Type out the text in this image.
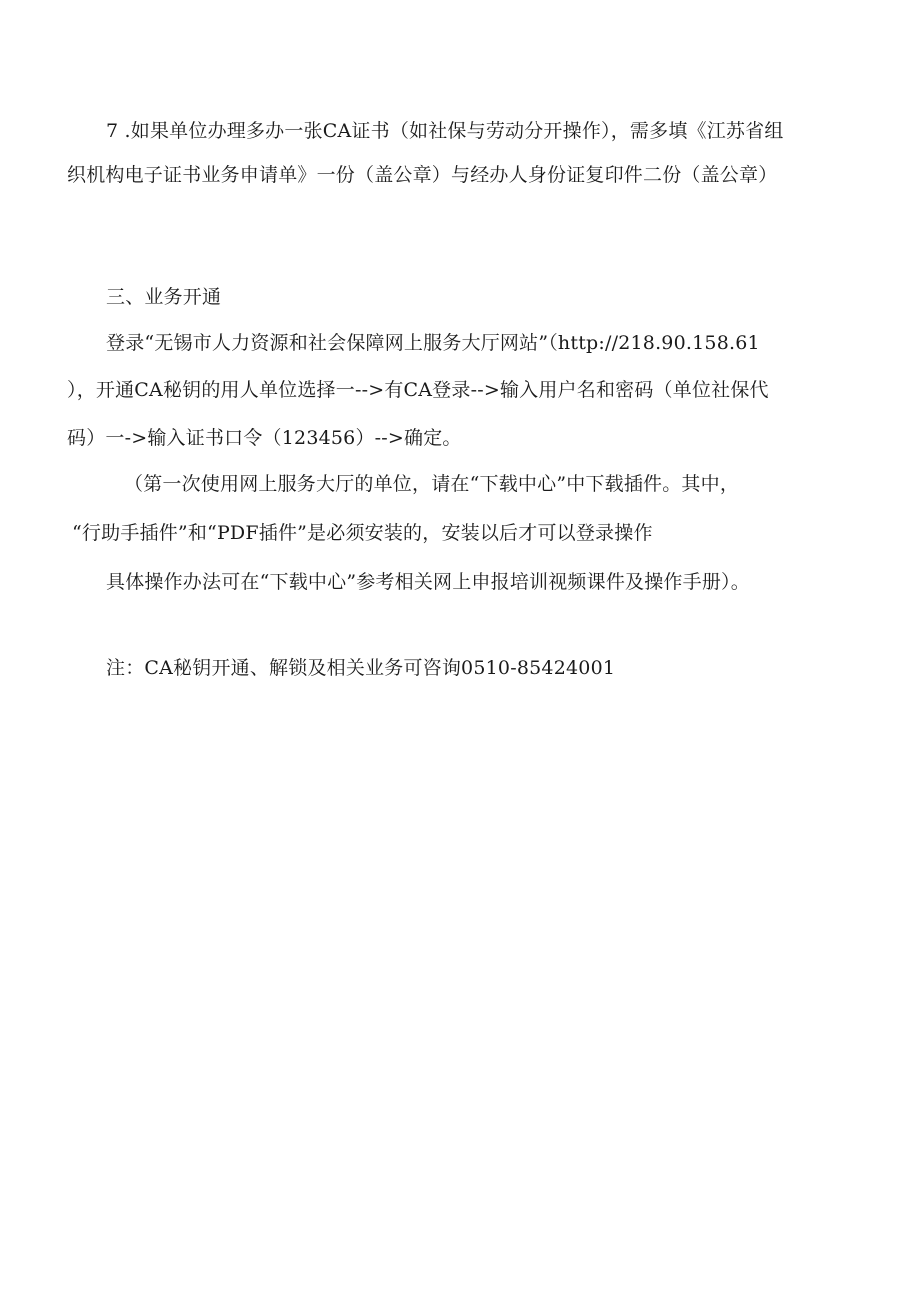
7 .如果单位办理多办一张CA证书（如社保与劳动分开操作），需多填《江苏省组
织机构电子证书业务申请单》一份（盖公章）与经办人身份证复印件二份（盖公章）
三、业务开通
登录“无锡市人力资源和社会保障网上服务大厅网站”（http://218.90.158.61
），开通CA秘钥的用人单位选择一-->有CA登录-->输入用户名和密码（单位社保代
码）一->输入证书口令（123456）-->确定。
（第一次使用网上服务大厅的单位，请在“下载中心”中下载插件。其中，
“行助手插件”和“PDF插件”是必须安装的，安装以后才可以登录操作
具体操作办法可在“下载中心”参考相关网上申报培训视频课件及操作手册）。
注：CA秘钥开通、解锁及相关业务可咨询0510-85424001
